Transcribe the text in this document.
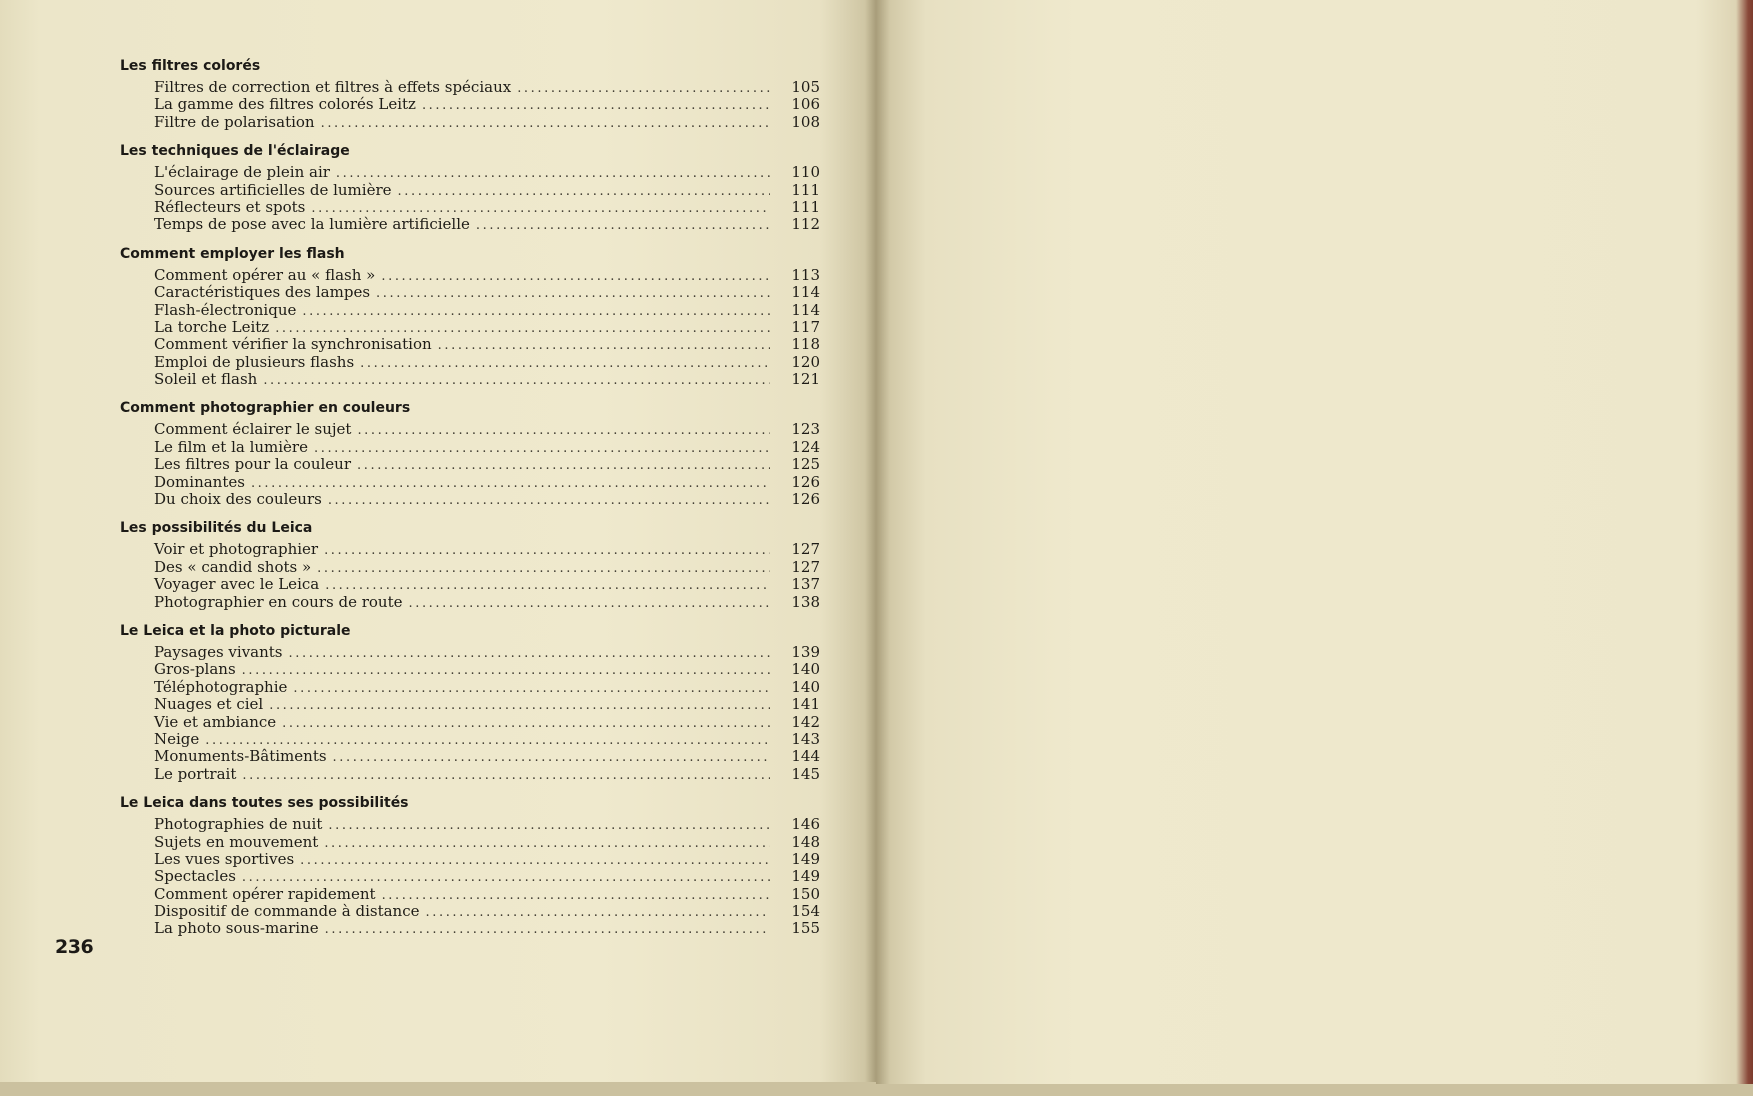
Les filtres colorés
Filtres de correction et filtres à effets spéciaux .....	105
La gamme des filtres colorés Leitz .....	106
Filtre de polarisation .....	108
Les techniques de l'éclairage
L'éclairage de plein air .....	110
Sources artificielles de lumière .....	111
Réflecteurs et spots .....	111
Temps de pose avec la lumière artificielle .....	112
Comment employer les flash
Comment opérer au « flash » .....	113
Caractéristiques des lampes .....	114
Flash-électronique .....	114
La torche Leitz .....	117
Comment vérifier la synchronisation .....	118
Emploi de plusieurs flashs .....	120
Soleil et flash .....	121
Comment photographier en couleurs
Comment éclairer le sujet .....	123
Le film et la lumière .....	124
Les filtres pour la couleur .....	125
Dominantes .....	126
Du choix des couleurs .....	126
Les possibilités du Leica
Voir et photographier .....	127
Des « candid shots » .....	127
Voyager avec le Leica .....	137
Photographier en cours de route .....	138
Le Leica et la photo picturale
Paysages vivants .....	139
Gros-plans .....	140
Téléphotographie .....	140
Nuages et ciel .....	141
Vie et ambiance .....	142
Neige .....	143
Monuments-Bâtiments .....	144
Le portrait .....	145
Le Leica dans toutes ses possibilités
Photographies de nuit .....	146
Sujets en mouvement .....	148
Les vues sportives .....	149
Spectacles .....	149
Comment opérer rapidement .....	150
Dispositif de commande à distance .....	154
La photo sous-marine .....	155
236
